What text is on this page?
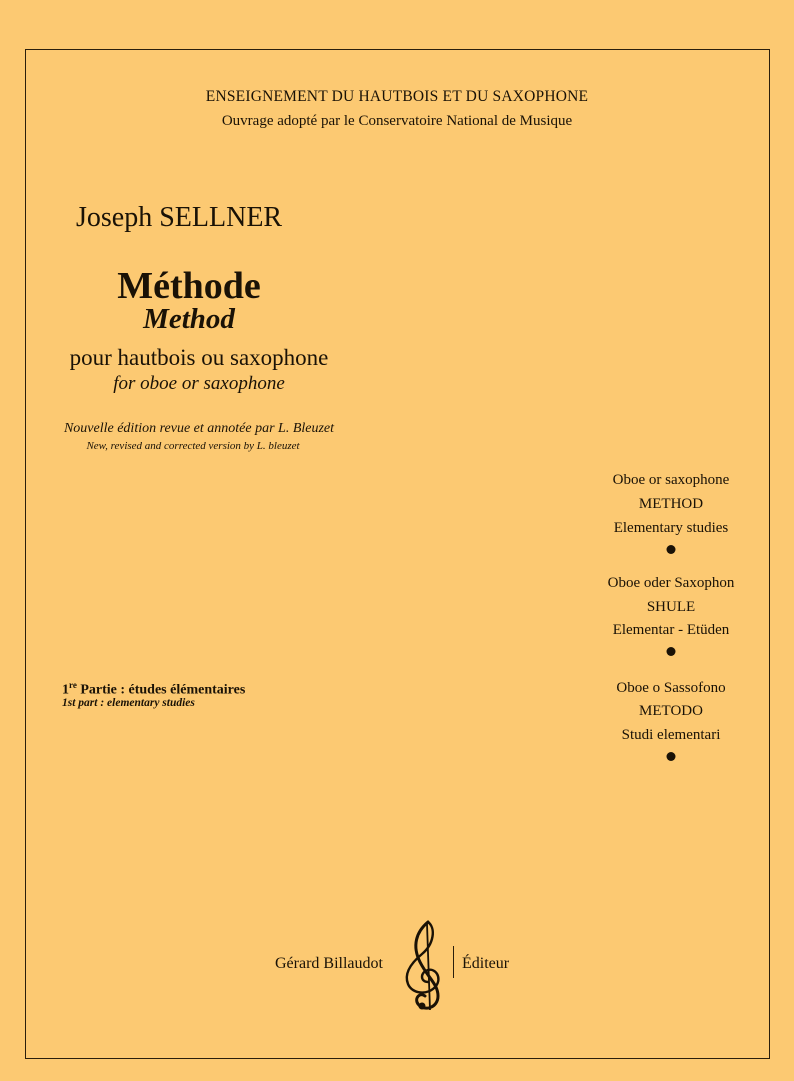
ENSEIGNEMENT DU HAUTBOIS ET DU SAXOPHONE
Ouvrage adopté par le Conservatoire National de Musique
Joseph SELLNER
Méthode
Method
pour hautbois ou saxophone
for oboe or saxophone
Nouvelle édition revue et annotée par L. Bleuzet
New, revised and corrected version by L. bleuzet
1re Partie : études élémentaires
1st part : elementary studies
Oboe or saxophone
METHOD
Elementary studies
Oboe oder Saxophon
SHULE
Elementar - Etüden
Oboe o Sassofono
METODO
Studi elementari
Gérard Billaudot	Éditeur
